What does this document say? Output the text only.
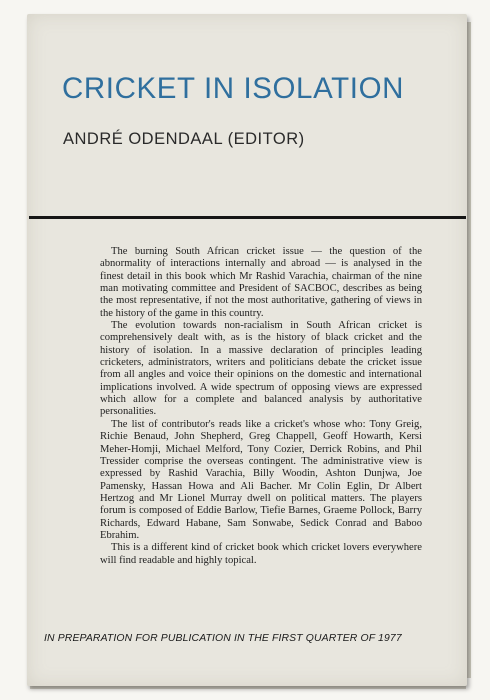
CRICKET IN ISOLATION
ANDRÉ ODENDAAL (EDITOR)

The burning South African cricket issue — the question of the abnormality of interactions internally and abroad — is analysed in the finest detail in this book which Mr Rashid Varachia, chairman of the nine man motivating committee and President of SACBOC, describes as being the most representative, if not the most authoritative, gathering of views in the history of the game in this country.

The evolution towards non-racialism in South African cricket is comprehensively dealt with, as is the history of black cricket and the history of isolation. In a massive declaration of principles leading cricketers, administrators, writers and politicians debate the cricket issue from all angles and voice their opinions on the domestic and international implications involved. A wide spectrum of opposing views are expressed which allow for a complete and balanced analysis by authoritative personalities.

The list of contributor's reads like a cricket's whose who: Tony Greig, Richie Benaud, John Shepherd, Greg Chappell, Geoff Howarth, Kersi Meher-Homji, Michael Melford, Tony Cozier, Derrick Robins, and Phil Tressider comprise the overseas contingent. The administrative view is expressed by Rashid Varachia, Billy Woodin, Ashton Dunjwa, Joe Pamensky, Hassan Howa and Ali Bacher. Mr Colin Eglin, Dr Albert Hertzog and Mr Lionel Murray dwell on political matters. The players forum is composed of Eddie Barlow, Tiefie Barnes, Graeme Pollock, Barry Richards, Edward Habane, Sam Sonwabe, Sedick Conrad and Baboo Ebrahim.

This is a different kind of cricket book which cricket lovers everywhere will find readable and highly topical.

IN PREPARATION FOR PUBLICATION IN THE FIRST QUARTER OF 1977
